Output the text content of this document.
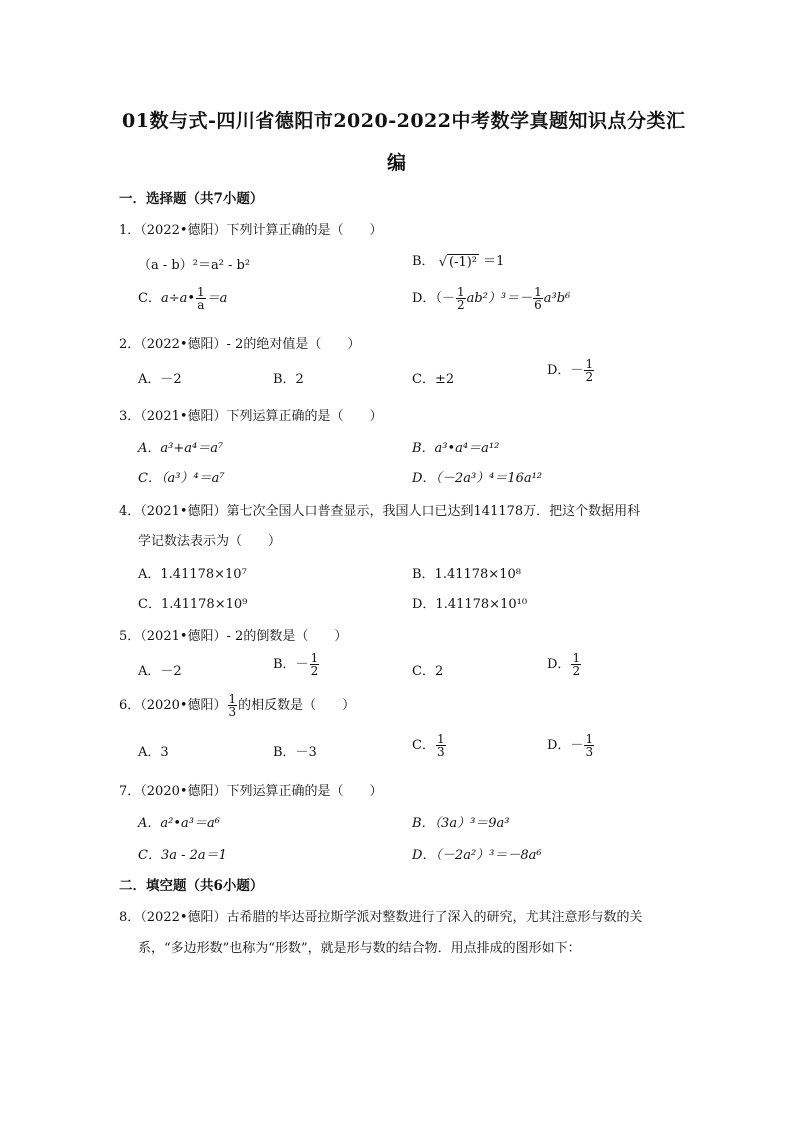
01数与式-四川省德阳市2020-2022中考数学真题知识点分类汇
编
一．选择题（共7小题）
1．（2022•德阳）下列计算正确的是（　　）
（a - b）²＝a² - b²	B． √ (-1)² ＝1
C．a÷a• $\frac{1}{a} =a$	D．（－ $\frac{1}{2} ab^2)^3=- \frac{1}{6} a^3b^6$
2．（2022•德阳）- 2的绝对值是（　　）
A．－2	B．2	C．±2
D．－ $\frac{1}{2}$
3．（2021•德阳）下列运算正确的是（　　）
A．a³+a⁴＝a⁷	B．a³•a⁴＝a¹²
C．（a³）⁴＝a⁷	D．（－2a³）⁴＝16a¹²
4．（2021•德阳）第七次全国人口普查显示，我国人口已达到141178万．把这个数据用科
学记数法表示为（　　）
A．1.41178×10⁷	B．1.41178×10⁸
C．1.41178×10⁹	D．1.41178×10¹⁰
5．（2021•德阳）- 2的倒数是（　　）
A．－2	B．－ $\frac{1}{2}$	C．2	D． $\frac{1}{2}$
6．（2020•德阳） $\frac{1}{3}$ 的相反数是（　　）
A．3	B．－3	C． $\frac{1}{3}$	D．－ $\frac{1}{3}$
7．（2020•德阳）下列运算正确的是（　　）
A．a²•a³＝a⁶	B．（3a）³＝9a³
C．3a - 2a＝1	D．（－2a²）³＝－8a⁶
二．填空题（共6小题）
8．（2022•德阳）古希腊的毕达哥拉斯学派对整数进行了深入的研究，尤其注意形与数的关
系，“多边形数”也称为“形数”，就是形与数的结合物．用点排成的图形如下：
